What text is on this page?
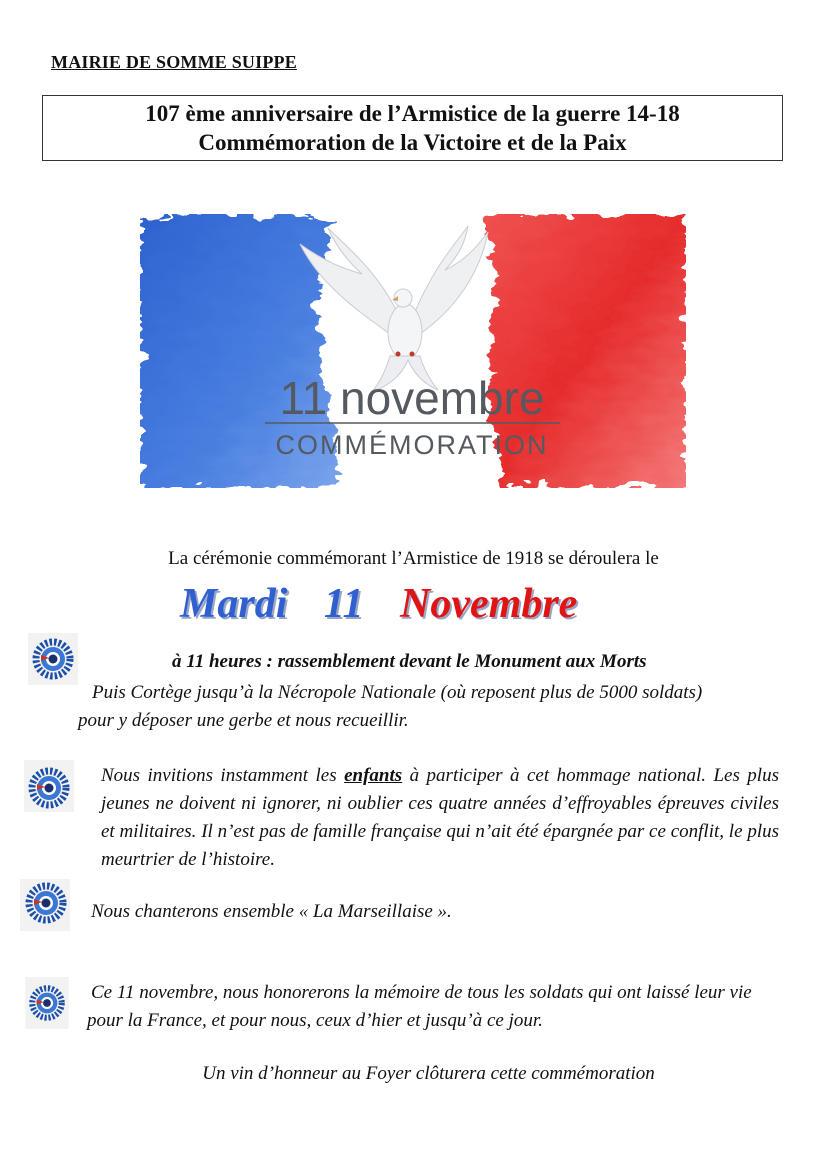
MAIRIE DE SOMME SUIPPE
107 ème anniversaire de l’Armistice de la guerre 14-18
Commémoration de la Victoire et de la Paix
11 novembre
COMMÉMORATION
La cérémonie commémorant l’Armistice de 1918 se déroulera le
Mardi 11 Novembre
à 11 heures : rassemblement devant le Monument aux Morts
Puis Cortège jusqu’à la Nécropole Nationale (où reposent plus de 5000 soldats) pour y déposer une gerbe et nous recueillir.
Nous invitions instamment les enfants à participer à cet hommage national. Les plus jeunes ne doivent ni ignorer, ni oublier ces quatre années d’effroyables épreuves civiles et militaires. Il n’est pas de famille française qui n’ait été épargnée par ce conflit, le plus meurtrier de l’histoire.
Nous chanterons ensemble « La Marseillaise ».
Ce 11 novembre, nous honorerons la mémoire de tous les soldats qui ont laissé leur vie pour la France, et pour nous, ceux d’hier et jusqu’à ce jour.
Un vin d’honneur au Foyer clôturera cette commémoration
